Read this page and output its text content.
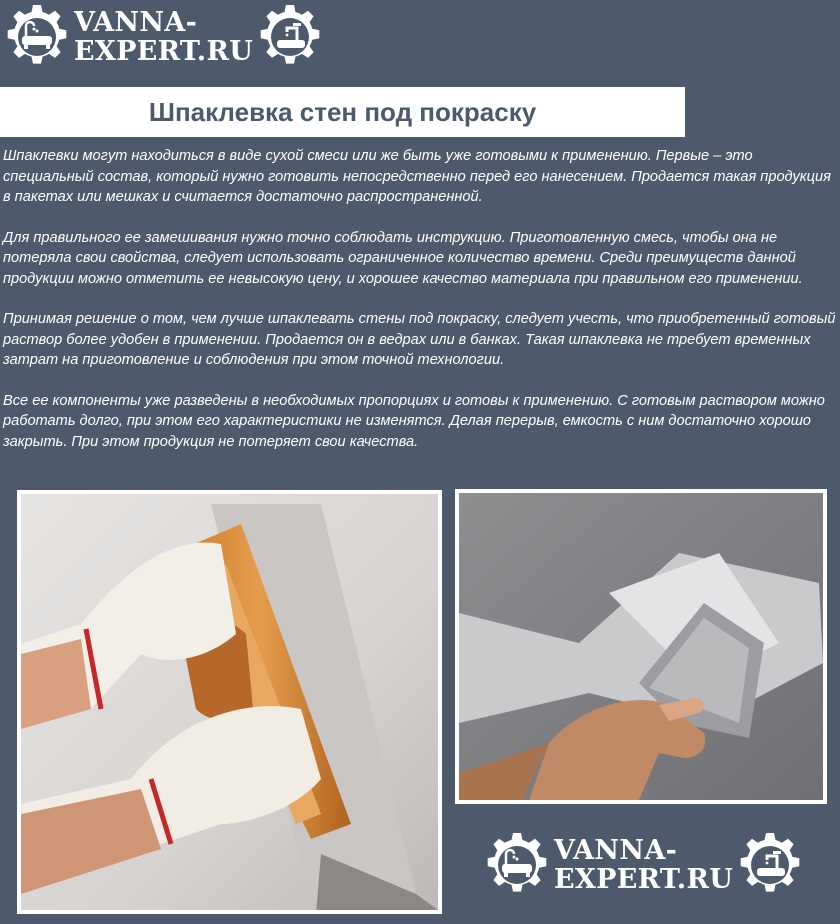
VANNA-
EXPERT.RU
Шпаклевка стен под покраску

Шпаклевки могут находиться в виде сухой смеси или же быть уже готовыми к применению. Первые – это специальный состав, который нужно готовить непосредственно перед его нанесением. Продается такая продукция в пакетах или мешках и считается достаточно распространенной.

Для правильного ее замешивания нужно точно соблюдать инструкцию. Приготовленную смесь, чтобы она не потеряла свои свойства, следует использовать ограниченное количество времени. Среди преимуществ данной продукции можно отметить ее невысокую цену, и хорошее качество материала при правильном его применении.

Принимая решение о том, чем лучше шпаклевать стены под покраску, следует учесть, что приобретенный готовый раствор более удобен в применении. Продается он в ведрах или в банках. Такая шпаклевка не требует временных затрат на приготовление и соблюдения при этом точной технологии.

Все ее компоненты уже разведены в необходимых пропорциях и готовы к применению. С готовым раствором можно работать долго, при этом его характеристики не изменятся. Делая перерыв, емкость с ним достаточно хорошо закрыть. При этом продукция не потеряет свои качества.

VANNA-
EXPERT.RU
